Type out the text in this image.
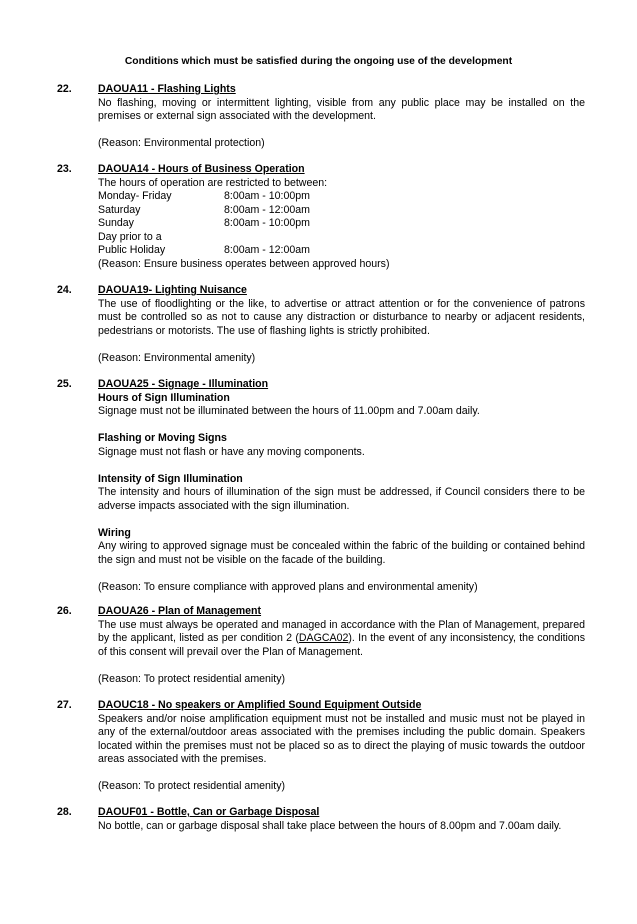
Conditions which must be satisfied during the ongoing use of the development
22. DAOUA11 - Flashing Lights
No flashing, moving or intermittent lighting, visible from any public place may be installed on the premises or external sign associated with the development.
(Reason: Environmental protection)
23. DAOUA14 - Hours of Business Operation
The hours of operation are restricted to between:
Monday- Friday	8:00am - 10:00pm
Saturday	8:00am - 12:00am
Sunday	8:00am - 10:00pm
Day prior to a
Public Holiday	8:00am - 12:00am
(Reason: Ensure business operates between approved hours)
24. DAOUA19- Lighting Nuisance
The use of floodlighting or the like, to advertise or attract attention or for the convenience of patrons must be controlled so as not to cause any distraction or disturbance to nearby or adjacent residents, pedestrians or motorists. The use of flashing lights is strictly prohibited.
(Reason: Environmental amenity)
25. DAOUA25 - Signage - Illumination
Hours of Sign Illumination
Signage must not be illuminated between the hours of 11.00pm and 7.00am daily.
Flashing or Moving Signs
Signage must not flash or have any moving components.
Intensity of Sign Illumination
The intensity and hours of illumination of the sign must be addressed, if Council considers there to be adverse impacts associated with the sign illumination.
Wiring
Any wiring to approved signage must be concealed within the fabric of the building or contained behind the sign and must not be visible on the facade of the building.
(Reason: To ensure compliance with approved plans and environmental amenity)
26. DAOUA26 - Plan of Management
The use must always be operated and managed in accordance with the Plan of Management, prepared by the applicant, listed as per condition 2 (DAGCA02). In the event of any inconsistency, the conditions of this consent will prevail over the Plan of Management.
(Reason: To protect residential amenity)
27. DAOUC18 - No speakers or Amplified Sound Equipment Outside
Speakers and/or noise amplification equipment must not be installed and music must not be played in any of the external/outdoor areas associated with the premises including the public domain. Speakers located within the premises must not be placed so as to direct the playing of music towards the outdoor areas associated with the premises.
(Reason: To protect residential amenity)
28. DAOUF01 - Bottle, Can or Garbage Disposal
No bottle, can or garbage disposal shall take place between the hours of 8.00pm and 7.00am daily.
